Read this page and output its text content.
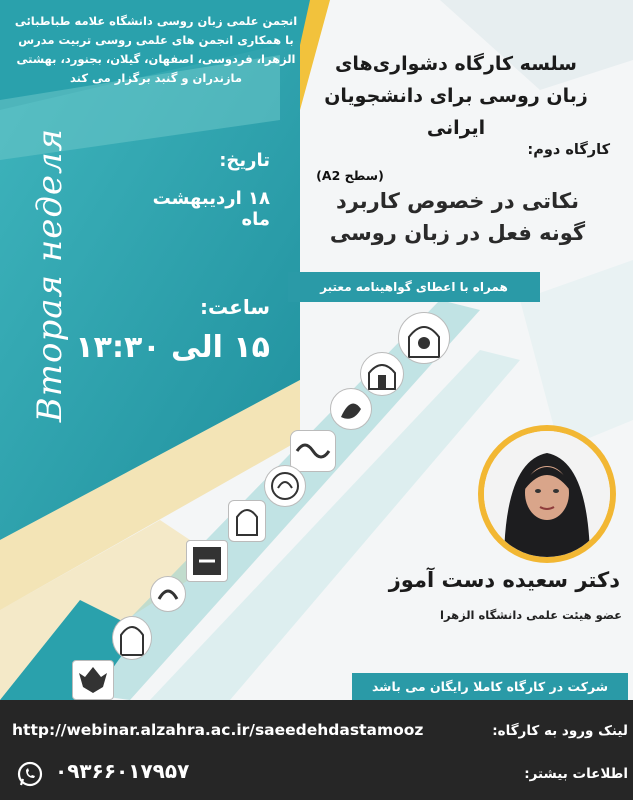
انجمن علمی زبان روسی دانشگاه علامه طباطبائی
با همکاری انجمن های علمی روسی تربیت مدرس
الزهرا، فردوسی، اصفهان، گیلان، بجنورد، بهشتی
مازندران و گنبد برگزار می کند
سلسه کارگاه دشواری‌های
زبان روسی برای دانشجویان ایرانی
کارگاه دوم:
(سطح A2)
نکاتی در خصوص کاربرد
گونه فعل در زبان روسی
همراه با اعطای گواهینامه معتبر
تاریخ:
۱۸ اردیبهشت ماه
ساعت:
۱۵ الی ۱۳:۳۰
Вторая неделя
دکتر سعیده دست آموز
عضو هیئت علمی دانشگاه الزهرا
شرکت در کارگاه کاملا رایگان می باشد
لینک ورود به کارگاه:
http://webinar.alzahra.ac.ir/saeedehdastamooz
اطلاعات بیشتر:
۰۹۳۶۶۰۱۷۹۵۷
